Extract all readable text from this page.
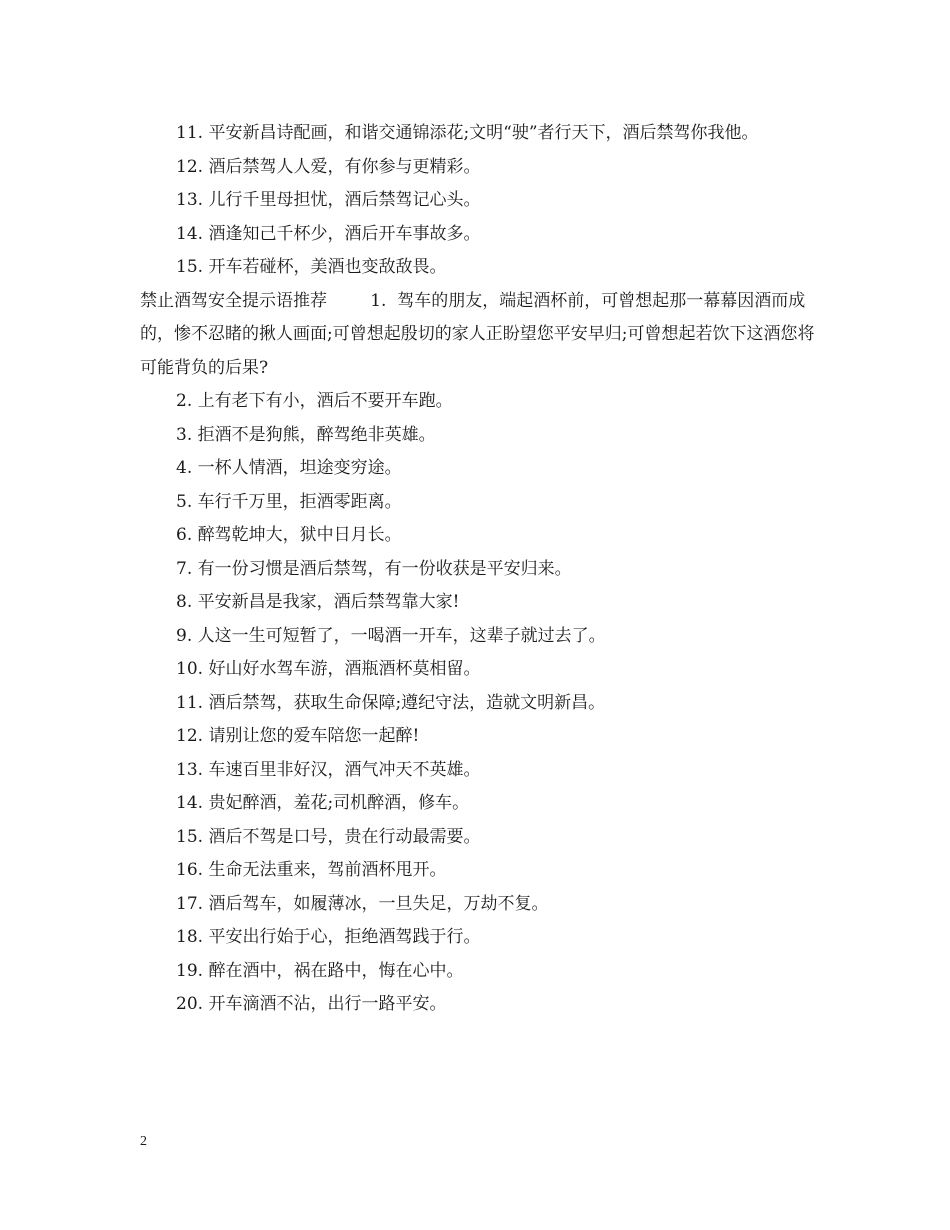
11. 平安新昌诗配画，和谐交通锦添花;文明“驶”者行天下，酒后禁驾你我他。

12. 酒后禁驾人人爱，有你参与更精彩。

13. 儿行千里母担忧，酒后禁驾记心头。

14. 酒逢知己千杯少，酒后开车事故多。

15. 开车若碰杯，美酒也变敌敌畏。

禁止酒驾安全提示语推荐        1.  驾车的朋友，端起酒杯前，可曾想起那一幕幕因酒而成的，惨不忍睹的揪人画面;可曾想起殷切的家人正盼望您平安早归;可曾想起若饮下这酒您将可能背负的后果?

2. 上有老下有小，酒后不要开车跑。

3. 拒酒不是狗熊，醉驾绝非英雄。

4. 一杯人情酒，坦途变穷途。

5. 车行千万里，拒酒零距离。

6. 醉驾乾坤大，狱中日月长。

7. 有一份习惯是酒后禁驾，有一份收获是平安归来。

8. 平安新昌是我家，酒后禁驾靠大家!

9. 人这一生可短暂了，一喝酒一开车，这辈子就过去了。

10. 好山好水驾车游，酒瓶酒杯莫相留。

11. 酒后禁驾，获取生命保障;遵纪守法，造就文明新昌。

12. 请别让您的爱车陪您一起醉!

13. 车速百里非好汉，酒气冲天不英雄。

14. 贵妃醉酒，羞花;司机醉酒，修车。

15. 酒后不驾是口号，贵在行动最需要。

16. 生命无法重来，驾前酒杯甩开。

17. 酒后驾车，如履薄冰，一旦失足，万劫不复。

18. 平安出行始于心，拒绝酒驾践于行。

19. 醉在酒中，祸在路中，悔在心中。

20. 开车滴酒不沾，出行一路平安。

2
